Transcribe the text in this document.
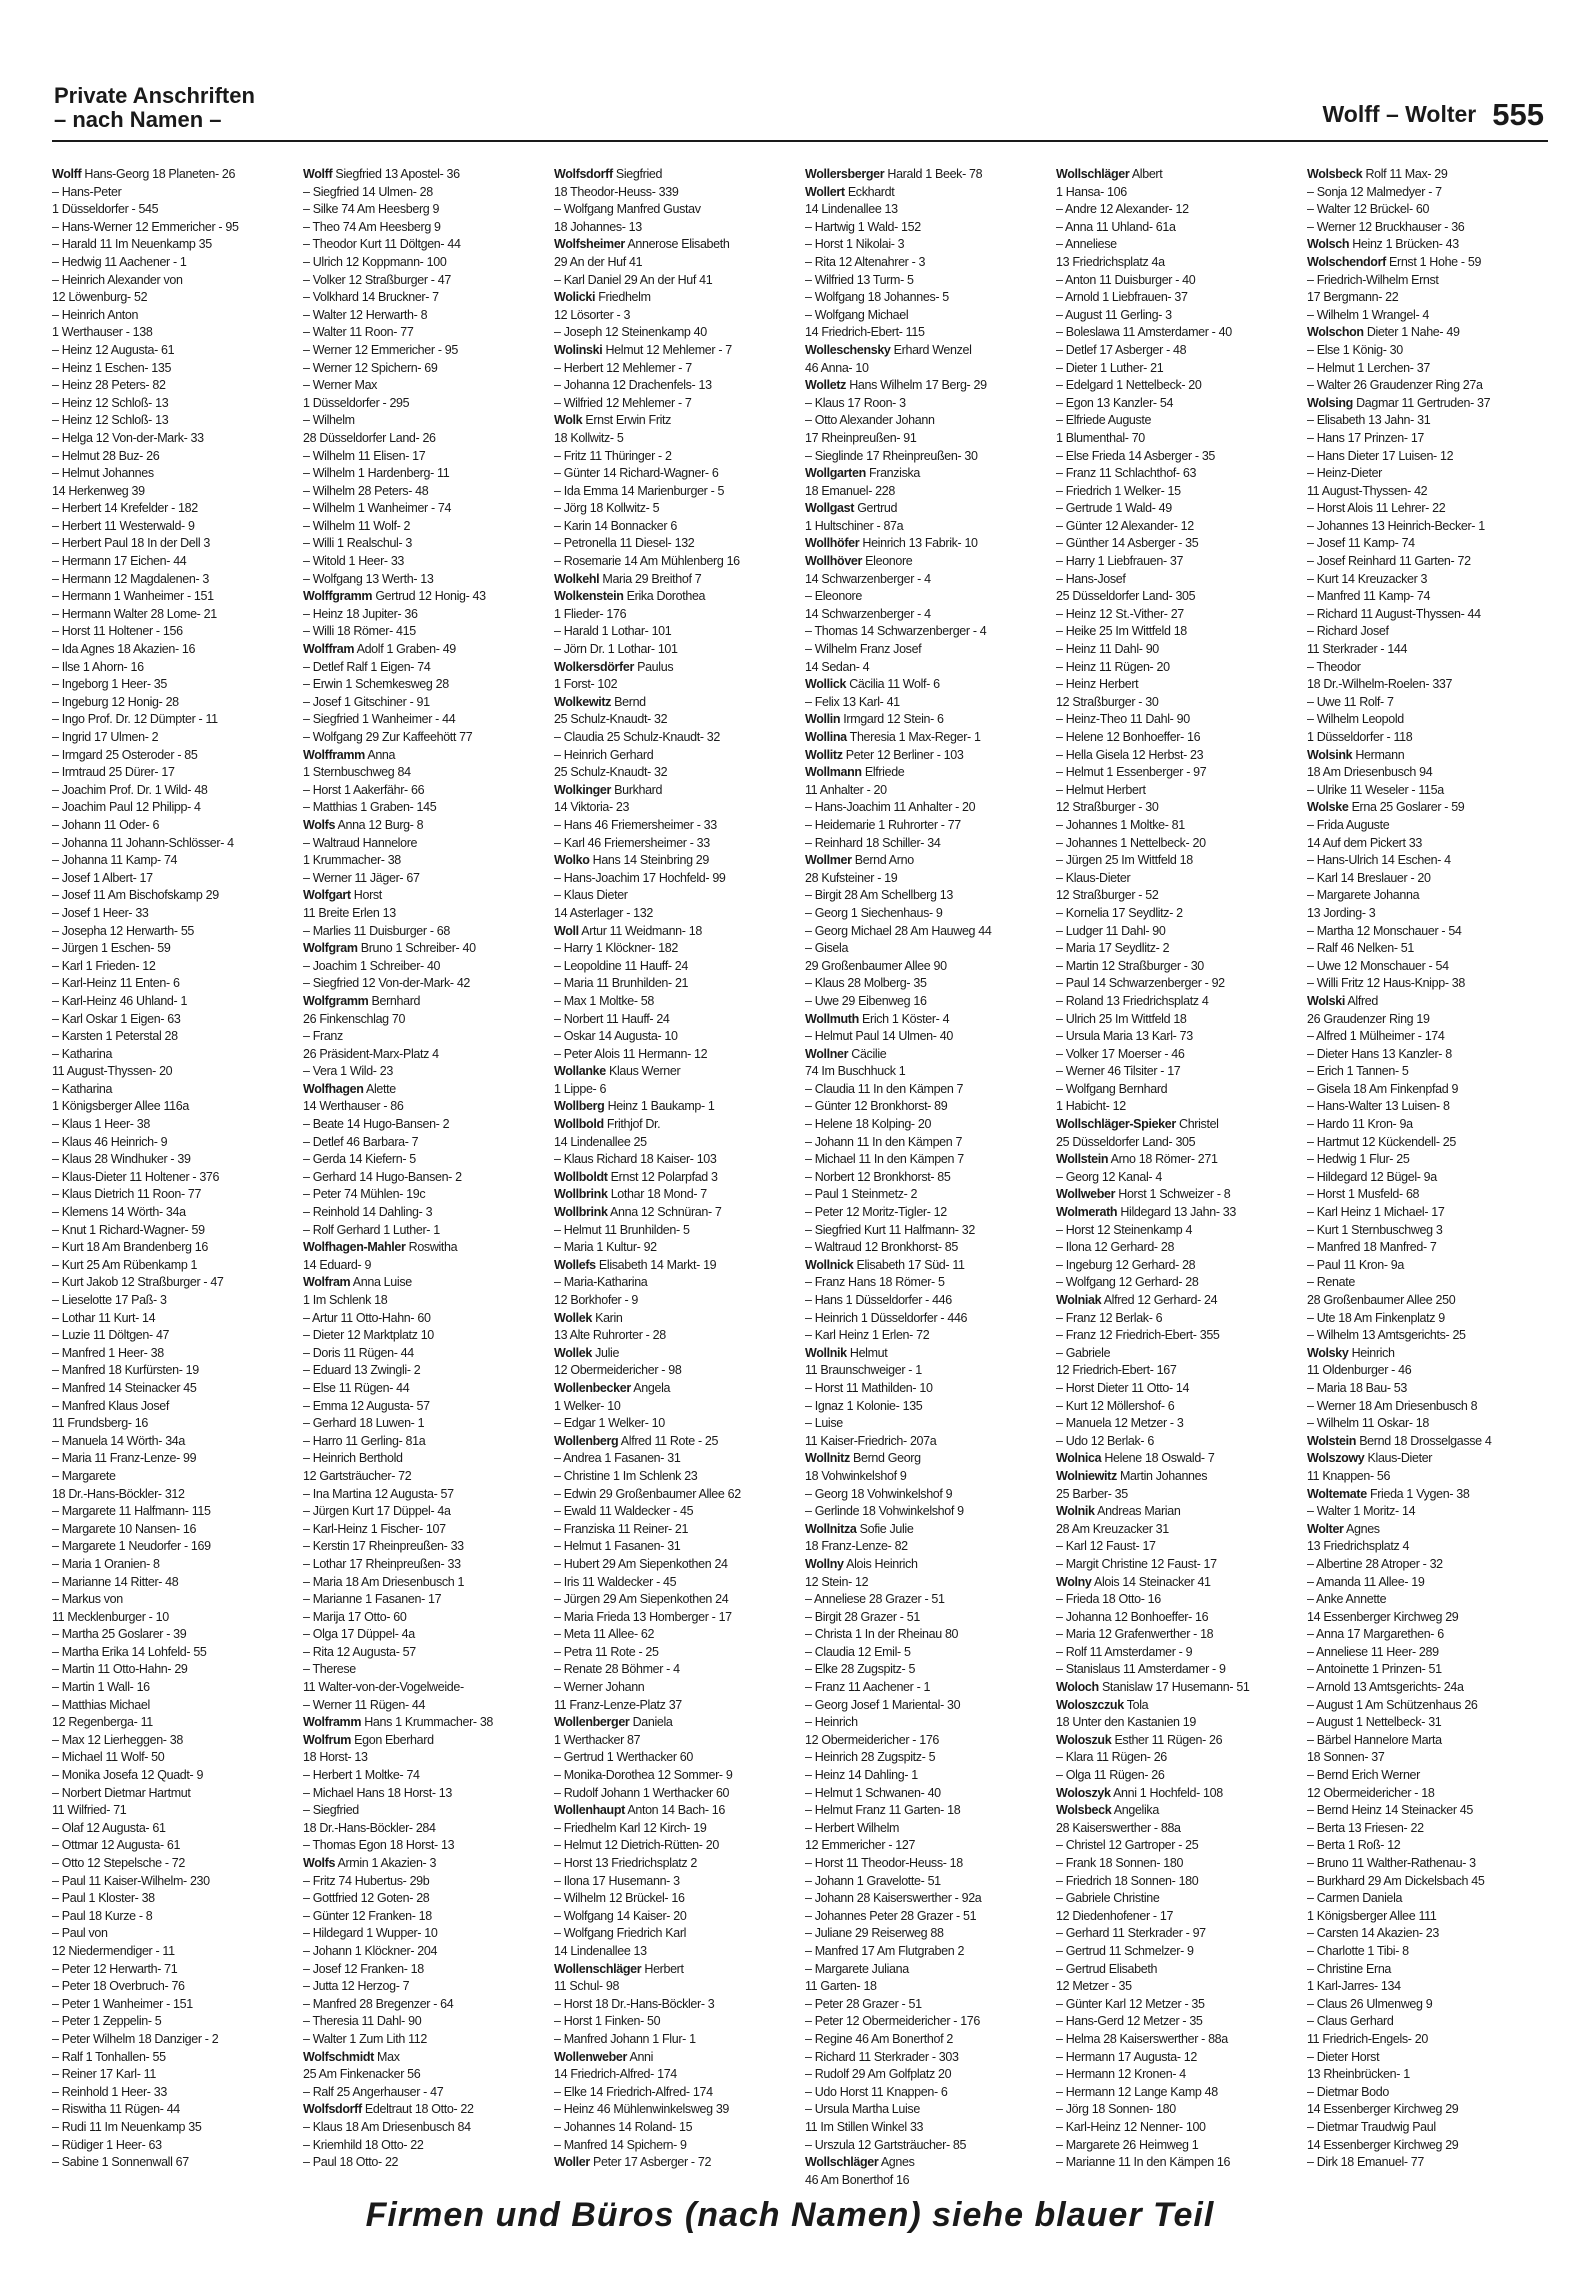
Private Anschriften
– nach Namen –	Wolff – Wolter 555
Wolff Hans-Georg 18 Planeten- 26
– Hans-Peter
1 Düsseldorfer - 545
– Hans-Werner 12 Emmericher - 95
– Harald 11 Im Neuenkamp 35
– Hedwig 11 Aachener - 1
– Heinrich Alexander von
12 Löwenburg- 52
– Heinrich Anton
1 Werthauser - 138
– Heinz 12 Augusta- 61
– Heinz 1 Eschen- 135
– Heinz 28 Peters- 82
– Heinz 12 Schloß- 13
– Heinz 12 Schloß- 13
– Helga 12 Von-der-Mark- 33
– Helmut 28 Buz- 26
– Helmut Johannes
14 Herkenweg 39
– Herbert 14 Krefelder - 182
– Herbert 11 Westerwald- 9
– Herbert Paul 18 In der Dell 3
– Hermann 17 Eichen- 44
– Hermann 12 Magdalenen- 3
– Hermann 1 Wanheimer - 151
– Hermann Walter 28 Lome- 21
– Horst 11 Holtener - 156
– Ida Agnes 18 Akazien- 16
– Ilse 1 Ahorn- 16
– Ingeborg 1 Heer- 35
– Ingeburg 12 Honig- 28
– Ingo Prof. Dr. 12 Dümpter - 11
– Ingrid 17 Ulmen- 2
– Irmgard 25 Osteroder - 85
– Irmtraud 25 Dürer- 17
– Joachim Prof. Dr. 1 Wild- 48
– Joachim Paul 12 Philipp- 4
– Johann 11 Oder- 6
– Johanna 11 Johann-Schlösser- 4
– Johanna 11 Kamp- 74
– Josef 1 Albert- 17
– Josef 11 Am Bischofskamp 29
– Josef 1 Heer- 33
– Josepha 12 Herwarth- 55
– Jürgen 1 Eschen- 59
– Karl 1 Frieden- 12
– Karl-Heinz 11 Enten- 6
– Karl-Heinz 46 Uhland- 1
– Karl Oskar 1 Eigen- 63
– Karsten 1 Peterstal 28
– Katharina
11 August-Thyssen- 20
– Katharina
1 Königsberger Allee 116a
– Klaus 1 Heer- 38
– Klaus 46 Heinrich- 9
– Klaus 28 Windhuker - 39
– Klaus-Dieter 11 Holtener - 376
– Klaus Dietrich 11 Roon- 77
– Klemens 14 Wörth- 34a
– Knut 1 Richard-Wagner- 59
– Kurt 18 Am Brandenberg 16
– Kurt 25 Am Rübenkamp 1
– Kurt Jakob 12 Straßburger - 47
– Lieselotte 17 Paß- 3
– Lothar 11 Kurt- 14
– Luzie 11 Döltgen- 47
– Manfred 1 Heer- 38
– Manfred 18 Kurfürsten- 19
– Manfred 14 Steinacker 45
– Manfred Klaus Josef
11 Frundsberg- 16
– Manuela 14 Wörth- 34a
– Maria 11 Franz-Lenze- 99
– Margarete
18 Dr.-Hans-Böckler- 312
– Margarete 11 Halfmann- 115
– Margarete 10 Nansen- 16
– Margarete 1 Neudorfer - 169
– Maria 1 Oranien- 8
– Marianne 14 Ritter- 48
– Markus von
11 Mecklenburger - 10
– Martha 25 Goslarer - 39
– Martha Erika 14 Lohfeld- 55
– Martin 11 Otto-Hahn- 29
– Martin 1 Wall- 16
– Matthias Michael
12 Regenberga- 11
– Max 12 Lierheggen- 38
– Michael 11 Wolf- 50
– Monika Josefa 12 Quadt- 9
– Norbert Dietmar Hartmut
11 Wilfried- 71
– Olaf 12 Augusta- 61
– Ottmar 12 Augusta- 61
– Otto 12 Stepelsche - 72
– Paul 11 Kaiser-Wilhelm- 230
– Paul 1 Kloster- 38
– Paul 18 Kurze - 8
– Paul von
12 Niedermendiger - 11
– Peter 12 Herwarth- 71
– Peter 18 Overbruch- 76
– Peter 1 Wanheimer - 151
– Peter 1 Zeppelin- 5
– Peter Wilhelm 18 Danziger - 2
– Ralf 1 Tonhallen- 55
– Reiner 17 Karl- 11
– Reinhold 1 Heer- 33
– Riswitha 11 Rügen- 44
– Rudi 11 Im Neuenkamp 35
– Rüdiger 1 Heer- 63
– Sabine 1 Sonnenwall 67
Wolff Siegfried 13 Apostel- 36
– Siegfried 14 Ulmen- 28
– Silke 74 Am Heesberg 9
– Theo 74 Am Heesberg 9
– Theodor Kurt 11 Döltgen- 44
– Ulrich 12 Koppmann- 100
– Volker 12 Straßburger - 47
– Volkhard 14 Bruckner- 7
– Walter 12 Herwarth- 8
– Walter 11 Roon- 77
– Werner 12 Emmericher - 95
– Werner 12 Spichern- 69
– Werner Max
1 Düsseldorfer - 295
– Wilhelm
28 Düsseldorfer Land- 26
– Wilhelm 11 Elisen- 17
– Wilhelm 1 Hardenberg- 11
– Wilhelm 28 Peters- 48
– Wilhelm 1 Wanheimer - 74
– Wilhelm 11 Wolf- 2
– Willi 1 Realschul- 3
– Witold 1 Heer- 33
– Wolfgang 13 Werth- 13
Wolffgramm Gertrud 12 Honig- 43
– Heinz 18 Jupiter- 36
– Willi 18 Römer- 415
Wolffram Adolf 1 Graben- 49
– Detlef Ralf 1 Eigen- 74
– Erwin 1 Schemkesweg 28
– Josef 1 Gitschiner - 91
– Siegfried 1 Wanheimer - 44
– Wolfgang 29 Zur Kaffeehött 77
Wolfframm Anna
1 Sternbuschweg 84
– Horst 1 Aakerfähr- 66
– Matthias 1 Graben- 145
Wolfs Anna 12 Burg- 8
– Waltraud Hannelore
1 Krummacher- 38
– Werner 11 Jäger- 67
Wolfgart Horst
11 Breite Erlen 13
– Marlies 11 Duisburger - 68
Wolfgram Bruno 1 Schreiber- 40
– Joachim 1 Schreiber- 40
– Siegfried 12 Von-der-Mark- 42
Wolfgramm Bernhard
26 Finkenschlag 70
– Franz
26 Präsident-Marx-Platz 4
– Vera 1 Wild- 23
Wolfhagen Alette
14 Werthauser - 86
– Beate 14 Hugo-Bansen- 2
– Detlef 46 Barbara- 7
– Gerda 14 Kiefern- 5
– Gerhard 14 Hugo-Bansen- 2
– Peter 74 Mühlen- 19c
– Reinhold 14 Dahling- 3
– Rolf Gerhard 1 Luther- 1
Wolfhagen-Mahler Roswitha
14 Eduard- 9
Wolfram Anna Luise
1 Im Schlenk 18
– Artur 11 Otto-Hahn- 60
– Dieter 12 Marktplatz 10
– Doris 11 Rügen- 44
– Eduard 13 Zwingli- 2
– Else 11 Rügen- 44
– Emma 12 Augusta- 57
– Gerhard 18 Luwen- 1
– Harro 11 Gerling- 81a
– Heinrich Berthold
12 Gartsträucher- 72
– Ina Martina 12 Augusta- 57
– Jürgen Kurt 17 Düppel- 4a
– Karl-Heinz 1 Fischer- 107
– Kerstin 17 Rheinpreußen- 33
– Lothar 17 Rheinpreußen- 33
– Maria 18 Am Driesenbusch 1
– Marianne 1 Fasanen- 17
– Marija 17 Otto- 60
– Olga 17 Düppel- 4a
– Rita 12 Augusta- 57
– Therese
11 Walter-von-der-Vogelweide-
– Werner 11 Rügen- 44
Wolframm Hans 1 Krummacher- 38
Wolfrum Egon Eberhard
18 Horst- 13
– Herbert 1 Moltke- 74
– Michael Hans 18 Horst- 13
– Siegfried
18 Dr.-Hans-Böckler- 284
– Thomas Egon 18 Horst- 13
Wolfs Armin 1 Akazien- 3
– Fritz 74 Hubertus- 29b
– Gottfried 12 Goten- 28
– Günter 12 Franken- 18
– Hildegard 1 Wupper- 10
– Johann 1 Klöckner- 204
– Josef 12 Franken- 18
– Jutta 12 Herzog- 7
– Manfred 28 Bregenzer - 64
– Theresia 11 Dahl- 90
– Walter 1 Zum Lith 112
Wolfschmidt Max
25 Am Finkenacker 56
– Ralf 25 Angerhauser - 47
Wolfsdorff Edeltraut 18 Otto- 22
– Klaus 18 Am Driesenbusch 84
– Kriemhild 18 Otto- 22
– Paul 18 Otto- 22
Wolfsdorff Siegfried
18 Theodor-Heuss- 339
– Wolfgang Manfred Gustav
18 Johannes- 13
Wolfsheimer Annerose Elisabeth
29 An der Huf 41
– Karl Daniel 29 An der Huf 41
Wolicki Friedhelm
12 Lösorter - 3
– Joseph 12 Steinenkamp 40
Wolinski Helmut 12 Mehlemer - 7
– Herbert 12 Mehlemer - 7
– Johanna 12 Drachenfels- 13
– Wilfried 12 Mehlemer - 7
Wolk Ernst Erwin Fritz
18 Kollwitz- 5
– Fritz 11 Thüringer - 2
– Günter 14 Richard-Wagner- 6
– Ida Emma 14 Marienburger - 5
– Jörg 18 Kollwitz- 5
– Karin 14 Bonnacker 6
– Petronella 11 Diesel- 132
– Rosemarie 14 Am Mühlenberg 16
Wolkehl Maria 29 Breithof 7
Wolkenstein Erika Dorothea
1 Flieder- 176
– Harald 1 Lothar- 101
– Jörn Dr. 1 Lothar- 101
Wolkersdörfer Paulus
1 Forst- 102
Wolkewitz Bernd
25 Schulz-Knaudt- 32
– Claudia 25 Schulz-Knaudt- 32
– Heinrich Gerhard
25 Schulz-Knaudt- 32
Wolkinger Burkhard
14 Viktoria- 23
– Hans 46 Friemersheimer - 33
– Karl 46 Friemersheimer - 33
Wolko Hans 14 Steinbring 29
– Hans-Joachim 17 Hochfeld- 99
– Klaus Dieter
14 Asterlager - 132
Woll Artur 11 Weidmann- 18
– Harry 1 Klöckner- 182
– Leopoldine 11 Hauff- 24
– Maria 11 Brunhilden- 21
– Max 1 Moltke- 58
– Norbert 11 Hauff- 24
– Oskar 14 Augusta- 10
– Peter Alois 11 Hermann- 12
Wollanke Klaus Werner
1 Lippe- 6
Wollberg Heinz 1 Baukamp- 1
Wollbold Frithjof Dr.
14 Lindenallee 25
– Klaus Richard 18 Kaiser- 103
Wollboldt Ernst 12 Polarpfad 3
Wollbrink Lothar 18 Mond- 7
Wollbrink Anna 12 Schnüran- 7
– Helmut 11 Brunhilden- 5
– Maria 1 Kultur- 92
Wollefs Elisabeth 14 Markt- 19
– Maria-Katharina
12 Borkhofer - 9
Wollek Karin
13 Alte Ruhrorter - 28
Wollek Julie
12 Obermeidericher - 98
Wollenbecker Angela
1 Welker- 10
– Edgar 1 Welker- 10
Wollenberg Alfred 11 Rote - 25
– Andrea 1 Fasanen- 31
– Christine 1 Im Schlenk 23
– Edwin 29 Großenbaumer Allee 62
– Ewald 11 Waldecker - 45
– Franziska 11 Reiner- 21
– Helmut 1 Fasanen- 31
– Hubert 29 Am Siepenkothen 24
– Iris 11 Waldecker - 45
– Jürgen 29 Am Siepenkothen 24
– Maria Frieda 13 Homberger - 17
– Meta 11 Allee- 62
– Petra 11 Rote - 25
– Renate 28 Böhmer - 4
– Werner Johann
11 Franz-Lenze-Platz 37
Wollenberger Daniela
1 Werthacker 87
– Gertrud 1 Werthacker 60
– Monika-Dorothea 12 Sommer- 9
– Rudolf Johann 1 Werthacker 60
Wollenhaupt Anton 14 Bach- 16
– Friedhelm Karl 12 Kirch- 19
– Helmut 12 Dietrich-Rütten- 20
– Horst 13 Friedrichsplatz 2
– Ilona 17 Husemann- 3
– Wilhelm 12 Brückel- 16
– Wolfgang 14 Kaiser- 20
– Wolfgang Friedrich Karl
14 Lindenallee 13
Wollenschläger Herbert
11 Schul- 98
– Horst 18 Dr.-Hans-Böckler- 3
– Horst 1 Finken- 50
– Manfred Johann 1 Flur- 1
Wollenweber Anni
14 Friedrich-Alfred- 174
– Elke 14 Friedrich-Alfred- 174
– Heinz 46 Mühlenwinkelsweg 39
– Johannes 14 Roland- 15
– Manfred 14 Spichern- 9
Woller Peter 17 Asberger - 72
Wollersberger Harald 1 Beek- 78
Wollert Eckhardt
14 Lindenallee 13
– Hartwig 1 Wald- 152
– Horst 1 Nikolai- 3
– Rita 12 Altenahrer - 3
– Wilfried 13 Turm- 5
– Wolfgang 18 Johannes- 5
– Wolfgang Michael
14 Friedrich-Ebert- 115
Wolleschensky Erhard Wenzel
46 Anna- 10
Wolletz Hans Wilhelm 17 Berg- 29
– Klaus 17 Roon- 3
– Otto Alexander Johann
17 Rheinpreußen- 91
– Sieglinde 17 Rheinpreußen- 30
Wollgarten Franziska
18 Emanuel- 228
Wollgast Gertrud
1 Hultschiner - 87a
Wollhöfer Heinrich 13 Fabrik- 10
Wollhöver Eleonore
14 Schwarzenberger - 4
– Eleonore
14 Schwarzenberger - 4
– Thomas 14 Schwarzenberger - 4
– Wilhelm Franz Josef
14 Sedan- 4
Wollick Cäcilia 11 Wolf- 6
– Felix 13 Karl- 41
Wollin Irmgard 12 Stein- 6
Wollina Theresia 1 Max-Reger- 1
Wollitz Peter 12 Berliner - 103
Wollmann Elfriede
11 Anhalter - 20
– Hans-Joachim 11 Anhalter - 20
– Heidemarie 1 Ruhrorter - 77
– Reinhard 18 Schiller- 34
Wollmer Bernd Arno
28 Kufsteiner - 19
– Birgit 28 Am Schellberg 13
– Georg 1 Siechenhaus- 9
– Georg Michael 28 Am Hauweg 44
– Gisela
29 Großenbaumer Allee 90
– Klaus 28 Molberg- 35
– Uwe 29 Eibenweg 16
Wollmuth Erich 1 Köster- 4
– Helmut Paul 14 Ulmen- 40
Wollner Cäcilie
74 Im Buschhuck 1
– Claudia 11 In den Kämpen 7
– Günter 12 Bronkhorst- 89
– Helene 18 Kolping- 20
– Johann 11 In den Kämpen 7
– Michael 11 In den Kämpen 7
– Norbert 12 Bronkhorst- 85
– Paul 1 Steinmetz- 2
– Peter 12 Moritz-Tigler- 12
– Siegfried Kurt 11 Halfmann- 32
– Waltraud 12 Bronkhorst- 85
Wollnick Elisabeth 17 Süd- 11
– Franz Hans 18 Römer- 5
– Hans 1 Düsseldorfer - 446
– Heinrich 1 Düsseldorfer - 446
– Karl Heinz 1 Erlen- 72
Wollnik Helmut
11 Braunschweiger - 1
– Horst 11 Mathilden- 10
– Ignaz 1 Kolonie- 135
– Luise
11 Kaiser-Friedrich- 207a
Wollnitz Bernd Georg
18 Vohwinkelshof 9
– Georg 18 Vohwinkelshof 9
– Gerlinde 18 Vohwinkelshof 9
Wollnitza Sofie Julie
18 Franz-Lenze- 82
Wollny Alois Heinrich
12 Stein- 12
– Anneliese 28 Grazer - 51
– Birgit 28 Grazer - 51
– Christa 1 In der Rheinau 80
– Claudia 12 Emil- 5
– Elke 28 Zugspitz- 5
– Franz 11 Aachener - 1
– Georg Josef 1 Mariental- 30
– Heinrich
12 Obermeidericher - 176
– Heinrich 28 Zugspitz- 5
– Heinz 14 Dahling- 1
– Helmut 1 Schwanen- 40
– Helmut Franz 11 Garten- 18
– Herbert Wilhelm
12 Emmericher - 127
– Horst 11 Theodor-Heuss- 18
– Johann 1 Gravelotte- 51
– Johann 28 Kaiserswerther - 92a
– Johannes Peter 28 Grazer - 51
– Juliane 29 Reiserweg 88
– Manfred 17 Am Flutgraben 2
– Margarete Juliana
11 Garten- 18
– Peter 28 Grazer - 51
– Peter 12 Obermeidericher - 176
– Regine 46 Am Bonerthof 2
– Richard 11 Sterkrader - 303
– Rudolf 29 Am Golfplatz 20
– Udo Horst 11 Knappen- 6
– Ursula Martha Luise
11 Im Stillen Winkel 33
– Urszula 12 Gartsträucher- 85
Wollschläger Agnes
46 Am Bonerthof 16
Wollschläger Albert
1 Hansa- 106
– Andre 12 Alexander- 12
– Anna 11 Uhland- 61a
– Anneliese
13 Friedrichsplatz 4a
– Anton 11 Duisburger - 40
– Arnold 1 Liebfrauen- 37
– August 11 Gerling- 3
– Boleslawa 11 Amsterdamer - 40
– Detlef 17 Asberger - 48
– Dieter 1 Luther- 21
– Edelgard 1 Nettelbeck- 20
– Egon 13 Kanzler- 54
– Elfriede Auguste
1 Blumenthal- 70
– Else Frieda 14 Asberger - 35
– Franz 11 Schlachthof- 63
– Friedrich 1 Welker- 15
– Gertrude 1 Wald- 49
– Günter 12 Alexander- 12
– Günther 14 Asberger - 35
– Harry 1 Liebfrauen- 37
– Hans-Josef
25 Düsseldorfer Land- 305
– Heinz 12 St.-Vither- 27
– Heike 25 Im Wittfeld 18
– Heinz 11 Dahl- 90
– Heinz 11 Rügen- 20
– Heinz Herbert
12 Straßburger - 30
– Heinz-Theo 11 Dahl- 90
– Helene 12 Bonhoeffer- 16
– Hella Gisela 12 Herbst- 23
– Helmut 1 Essenberger - 97
– Helmut Herbert
12 Straßburger - 30
– Johannes 1 Moltke- 81
– Johannes 1 Nettelbeck- 20
– Jürgen 25 Im Wittfeld 18
– Klaus-Dieter
12 Straßburger - 52
– Kornelia 17 Seydlitz- 2
– Ludger 11 Dahl- 90
– Maria 17 Seydlitz- 2
– Martin 12 Straßburger - 30
– Paul 14 Schwarzenberger - 92
– Roland 13 Friedrichsplatz 4
– Ulrich 25 Im Wittfeld 18
– Ursula Maria 13 Karl- 73
– Volker 17 Moerser - 46
– Werner 46 Tilsiter - 17
– Wolfgang Bernhard
1 Habicht- 12
Wollschläger-Spieker Christel
25 Düsseldorfer Land- 305
Wollstein Arno 18 Römer- 271
– Georg 12 Kanal- 4
Wollweber Horst 1 Schweizer - 8
Wolmerath Hildegard 13 Jahn- 33
– Horst 12 Steinenkamp 4
– Ilona 12 Gerhard- 28
– Ingeburg 12 Gerhard- 28
– Wolfgang 12 Gerhard- 28
Wolniak Alfred 12 Gerhard- 24
– Franz 12 Berlak- 6
– Franz 12 Friedrich-Ebert- 355
– Gabriele
12 Friedrich-Ebert- 167
– Horst Dieter 11 Otto- 14
– Kurt 12 Möllershof- 6
– Manuela 12 Metzer - 3
– Udo 12 Berlak- 6
Wolnica Helene 18 Oswald- 7
Wolniewitz Martin Johannes
25 Barber- 35
Wolnik Andreas Marian
28 Am Kreuzacker 31
– Karl 12 Faust- 17
– Margit Christine 12 Faust- 17
Wolny Alois 14 Steinacker 41
– Frieda 18 Otto- 16
– Johanna 12 Bonhoeffer- 16
– Maria 12 Grafenwerther - 18
– Rolf 11 Amsterdamer - 9
– Stanislaus 11 Amsterdamer - 9
Woloch Stanislaw 17 Husemann- 51
Woloszczuk Tola
18 Unter den Kastanien 19
Woloszuk Esther 11 Rügen- 26
– Klara 11 Rügen- 26
– Olga 11 Rügen- 26
Woloszyk Anni 1 Hochfeld- 108
Wolsbeck Angelika
28 Kaiserswerther - 88a
– Christel 12 Gartroper - 25
– Frank 18 Sonnen- 180
– Friedrich 18 Sonnen- 180
– Gabriele Christine
12 Diedenhofener - 17
– Gerhard 11 Sterkrader - 97
– Gertrud 11 Schmelzer- 9
– Gertrud Elisabeth
12 Metzer - 35
– Günter Karl 12 Metzer - 35
– Hans-Gerd 12 Metzer - 35
– Helma 28 Kaiserswerther - 88a
– Hermann 17 Augusta- 12
– Hermann 12 Kronen- 4
– Hermann 12 Lange Kamp 48
– Jörg 18 Sonnen- 180
– Karl-Heinz 12 Nenner- 100
– Margarete 26 Heimweg 1
– Marianne 11 In den Kämpen 16
Wolsbeck Rolf 11 Max- 29
– Sonja 12 Malmedyer - 7
– Walter 12 Brückel- 60
– Werner 12 Bruckhauser - 36
Wolsch Heinz 1 Brücken- 43
Wolschendorf Ernst 1 Hohe - 59
– Friedrich-Wilhelm Ernst
17 Bergmann- 22
– Wilhelm 1 Wrangel- 4
Wolschon Dieter 1 Nahe- 49
– Else 1 König- 30
– Helmut 1 Lerchen- 37
– Walter 26 Graudenzer Ring 27a
Wolsing Dagmar 11 Gertruden- 37
– Elisabeth 13 Jahn- 31
– Hans 17 Prinzen- 17
– Hans Dieter 17 Luisen- 12
– Heinz-Dieter
11 August-Thyssen- 42
– Horst Alois 11 Lehrer- 22
– Johannes 13 Heinrich-Becker- 1
– Josef 11 Kamp- 74
– Josef Reinhard 11 Garten- 72
– Kurt 14 Kreuzacker 3
– Manfred 11 Kamp- 74
– Richard 11 August-Thyssen- 44
– Richard Josef
11 Sterkrader - 144
– Theodor
18 Dr.-Wilhelm-Roelen- 337
– Uwe 11 Rolf- 7
– Wilhelm Leopold
1 Düsseldorfer - 118
Wolsink Hermann
18 Am Driesenbusch 94
– Ulrike 11 Weseler - 115a
Wolske Erna 25 Goslarer - 59
– Frida Auguste
14 Auf dem Pickert 33
– Hans-Ulrich 14 Eschen- 4
– Karl 14 Breslauer - 20
– Margarete Johanna
13 Jording- 3
– Martha 12 Monschauer - 54
– Ralf 46 Nelken- 51
– Uwe 12 Monschauer - 54
– Willi Fritz 12 Haus-Knipp- 38
Wolski Alfred
26 Graudenzer Ring 19
– Alfred 1 Mülheimer - 174
– Dieter Hans 13 Kanzler- 8
– Erich 1 Tannen- 5
– Gisela 18 Am Finkenpfad 9
– Hans-Walter 13 Luisen- 8
– Hardo 11 Kron- 9a
– Hartmut 12 Kückendell- 25
– Hedwig 1 Flur- 25
– Hildegard 12 Bügel- 9a
– Horst 1 Musfeld- 68
– Karl Heinz 1 Michael- 17
– Kurt 1 Sternbuschweg 3
– Manfred 18 Manfred- 7
– Paul 11 Kron- 9a
– Renate
28 Großenbaumer Allee 250
– Ute 18 Am Finkenplatz 9
– Wilhelm 13 Amtsgerichts- 25
Wolsky Heinrich
11 Oldenburger - 46
– Maria 18 Bau- 53
– Werner 18 Am Driesenbusch 8
– Wilhelm 11 Oskar- 18
Wolstein Bernd 18 Drosselgasse 4
Wolszowy Klaus-Dieter
11 Knappen- 56
Woltemate Frieda 1 Vygen- 38
– Walter 1 Moritz- 14
Wolter Agnes
13 Friedrichsplatz 4
– Albertine 28 Atroper - 32
– Amanda 11 Allee- 19
– Anke Annette
14 Essenberger Kirchweg 29
– Anna 17 Margarethen- 6
– Anneliese 11 Heer- 289
– Antoinette 1 Prinzen- 51
– Arnold 13 Amtsgerichts- 24a
– August 1 Am Schützenhaus 26
– August 1 Nettelbeck- 31
– Bärbel Hannelore Marta
18 Sonnen- 37
– Bernd Erich Werner
12 Obermeidericher - 18
– Bernd Heinz 14 Steinacker 45
– Berta 13 Friesen- 22
– Berta 1 Roß- 12
– Bruno 11 Walther-Rathenau- 3
– Burkhard 29 Am Dickelsbach 45
– Carmen Daniela
1 Königsberger Allee 111
– Carsten 14 Akazien- 23
– Charlotte 1 Tibi- 8
– Christine Erna
1 Karl-Jarres- 134
– Claus 26 Ulmenweg 9
– Claus Gerhard
11 Friedrich-Engels- 20
– Dieter Horst
13 Rheinbrücken- 1
– Dietmar Bodo
14 Essenberger Kirchweg 29
– Dietmar Traudwig Paul
14 Essenberger Kirchweg 29
– Dirk 18 Emanuel- 77
Firmen und Büros (nach Namen) siehe blauer Teil
